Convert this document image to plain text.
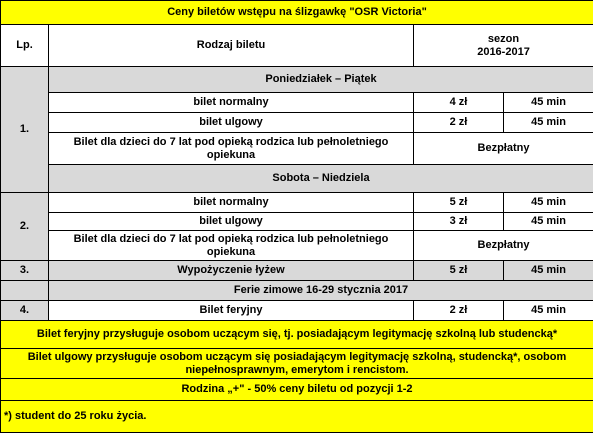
Ceny biletów wstępu na ślizgawkę "OSR Victoria"			
Lp.	Rodzaj biletu	sezon
2016-2017	

1.	Poniedziałek – Piątek		
	bilet normalny	4 zł	45 min
	bilet ulgowy	2 zł	45 min
	Bilet dla dzieci do 7 lat pod opieką rodzica lub pełnoletniego opiekuna	Bezpłatny	
	Sobota – Niedziela		
2.	bilet normalny	5 zł	45 min
	bilet ulgowy	3 zł	45 min
	Bilet dla dzieci do 7 lat pod opieką rodzica lub pełnoletniego opiekuna	Bezpłatny	
3.	Wypożyczenie łyżew	5 zł	45 min
	Ferie zimowe 16-29 stycznia 2017		
4.	Bilet feryjny	2 zł	45 min
Bilet feryjny przysługuje osobom uczącym się, tj. posiadającym legitymację szkolną lub studencką*			
Bilet ulgowy przysługuje osobom uczącym się posiadającym legitymację szkolną, studencką*, osobom niepełnosprawnym, emerytom i rencistom.			
Rodzina „+" - 50% ceny biletu od pozycji 1-2			
*) student do 25 roku życia.			
